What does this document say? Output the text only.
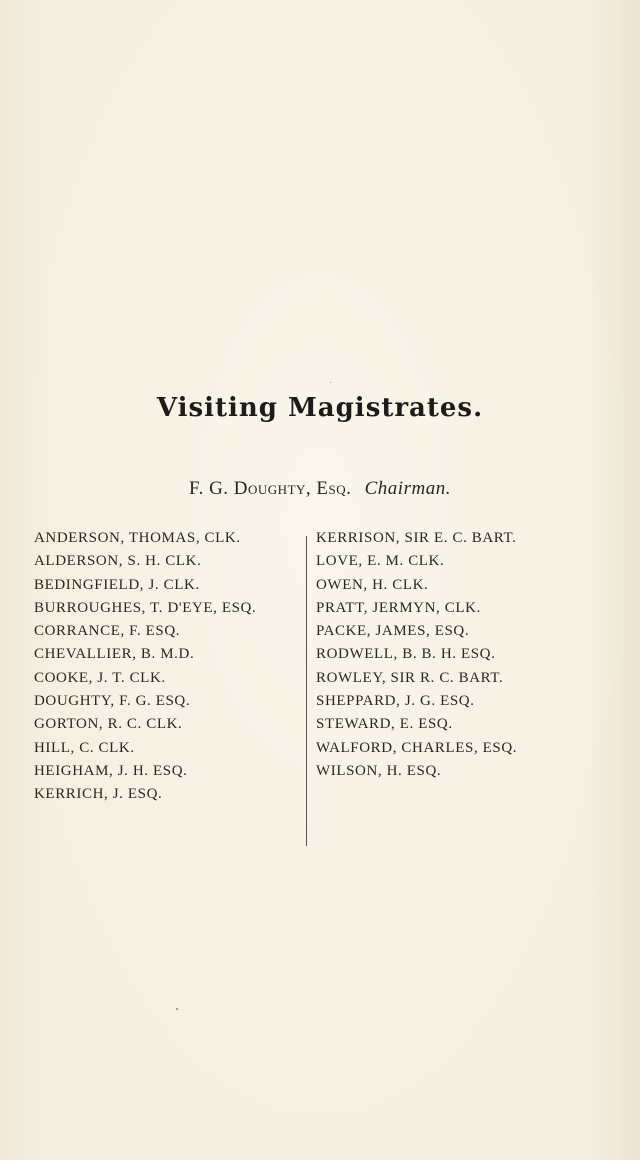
Visiting Magistrates.
F. G. Doughty, Esq. Chairman.
ANDERSON, THOMAS, CLK.
ALDERSON, S. H. CLK.
BEDINGFIELD, J. CLK.
BURROUGHES, T. D'EYE, ESQ.
CORRANCE, F. ESQ.
CHEVALLIER, B. M.D.
COOKE, J. T. CLK.
DOUGHTY, F. G. ESQ.
GORTON, R. C. CLK.
HILL, C. CLK.
HEIGHAM, J. H. ESQ.
KERRICH, J. ESQ.
KERRISON, SIR E. C. BART.
LOVE, E. M. CLK.
OWEN, H. CLK.
PRATT, JERMYN, CLK.
PACKE, JAMES, ESQ.
RODWELL, B. B. H. ESQ.
ROWLEY, SIR R. C. BART.
SHEPPARD, J. G. ESQ.
STEWARD, E. ESQ.
WALFORD, CHARLES, ESQ.
WILSON, H. ESQ.
